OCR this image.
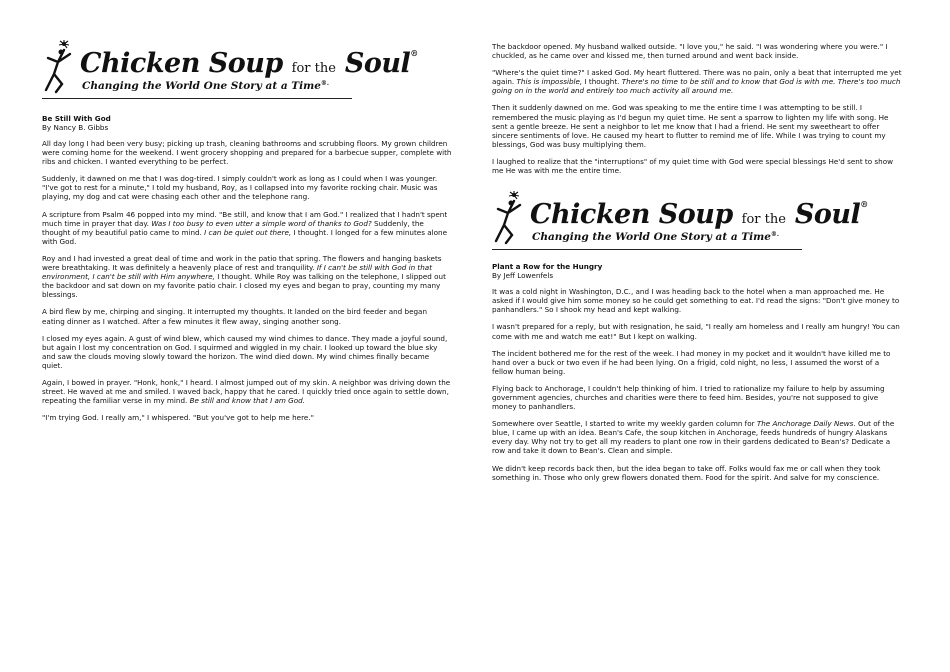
Chicken Soup for the Soul®
Changing the World One Story at a Time®.
Be Still With God
By Nancy B. Gibbs

All day long I had been very busy; picking up trash, cleaning bathrooms and scrubbing floors. My grown children were coming home for the weekend. I went grocery shopping and prepared for a barbecue supper, complete with ribs and chicken. I wanted everything to be perfect.

Suddenly, it dawned on me that I was dog-tired. I simply couldn't work as long as I could when I was younger. "I've got to rest for a minute," I told my husband, Roy, as I collapsed into my favorite rocking chair. Music was playing, my dog and cat were chasing each other and the telephone rang.

A scripture from Psalm 46 popped into my mind. "Be still, and know that I am God." I realized that I hadn't spent much time in prayer that day. Was I too busy to even utter a simple word of thanks to God? Suddenly, the thought of my beautiful patio came to mind. I can be quiet out there, I thought. I longed for a few minutes alone with God.

Roy and I had invested a great deal of time and work in the patio that spring. The flowers and hanging baskets were breathtaking. It was definitely a heavenly place of rest and tranquility. If I can't be still with God in that environment, I can't be still with Him anywhere, I thought. While Roy was talking on the telephone, I slipped out the backdoor and sat down on my favorite patio chair. I closed my eyes and began to pray, counting my many blessings.

A bird flew by me, chirping and singing. It interrupted my thoughts. It landed on the bird feeder and began eating dinner as I watched. After a few minutes it flew away, singing another song.

I closed my eyes again. A gust of wind blew, which caused my wind chimes to dance. They made a joyful sound, but again I lost my concentration on God. I squirmed and wiggled in my chair. I looked up toward the blue sky and saw the clouds moving slowly toward the horizon. The wind died down. My wind chimes finally became quiet.

Again, I bowed in prayer. "Honk, honk," I heard. I almost jumped out of my skin. A neighbor was driving down the street. He waved at me and smiled. I waved back, happy that he cared. I quickly tried once again to settle down, repeating the familiar verse in my mind. Be still and know that I am God.

"I'm trying God. I really am," I whispered. "But you've got to help me here."

The backdoor opened. My husband walked outside. "I love you," he said. "I was wondering where you were." I chuckled, as he came over and kissed me, then turned around and went back inside.

"Where's the quiet time?" I asked God. My heart fluttered. There was no pain, only a beat that interrupted me yet again. This is impossible, I thought. There's no time to be still and to know that God is with me. There's too much going on in the world and entirely too much activity all around me.

Then it suddenly dawned on me. God was speaking to me the entire time I was attempting to be still. I remembered the music playing as I'd begun my quiet time. He sent a sparrow to lighten my life with song. He sent a gentle breeze. He sent a neighbor to let me know that I had a friend. He sent my sweetheart to offer sincere sentiments of love. He caused my heart to flutter to remind me of life. While I was trying to count my blessings, God was busy multiplying them.

I laughed to realize that the "interruptions" of my quiet time with God were special blessings He'd sent to show me He was with me the entire time.

Chicken Soup for the Soul®
Changing the World One Story at a Time®.
Plant a Row for the Hungry
By Jeff Lowenfels

It was a cold night in Washington, D.C., and I was heading back to the hotel when a man approached me. He asked if I would give him some money so he could get something to eat. I'd read the signs: "Don't give money to panhandlers." So I shook my head and kept walking.

I wasn't prepared for a reply, but with resignation, he said, "I really am homeless and I really am hungry! You can come with me and watch me eat!" But I kept on walking.

The incident bothered me for the rest of the week. I had money in my pocket and it wouldn't have killed me to hand over a buck or two even if he had been lying. On a frigid, cold night, no less, I assumed the worst of a fellow human being.

Flying back to Anchorage, I couldn't help thinking of him. I tried to rationalize my failure to help by assuming government agencies, churches and charities were there to feed him. Besides, you're not supposed to give money to panhandlers.

Somewhere over Seattle, I started to write my weekly garden column for The Anchorage Daily News. Out of the blue, I came up with an idea. Bean's Cafe, the soup kitchen in Anchorage, feeds hundreds of hungry Alaskans every day. Why not try to get all my readers to plant one row in their gardens dedicated to Bean's? Dedicate a row and take it down to Bean's. Clean and simple.

We didn't keep records back then, but the idea began to take off. Folks would fax me or call when they took something in. Those who only grew flowers donated them. Food for the spirit. And salve for my conscience.
